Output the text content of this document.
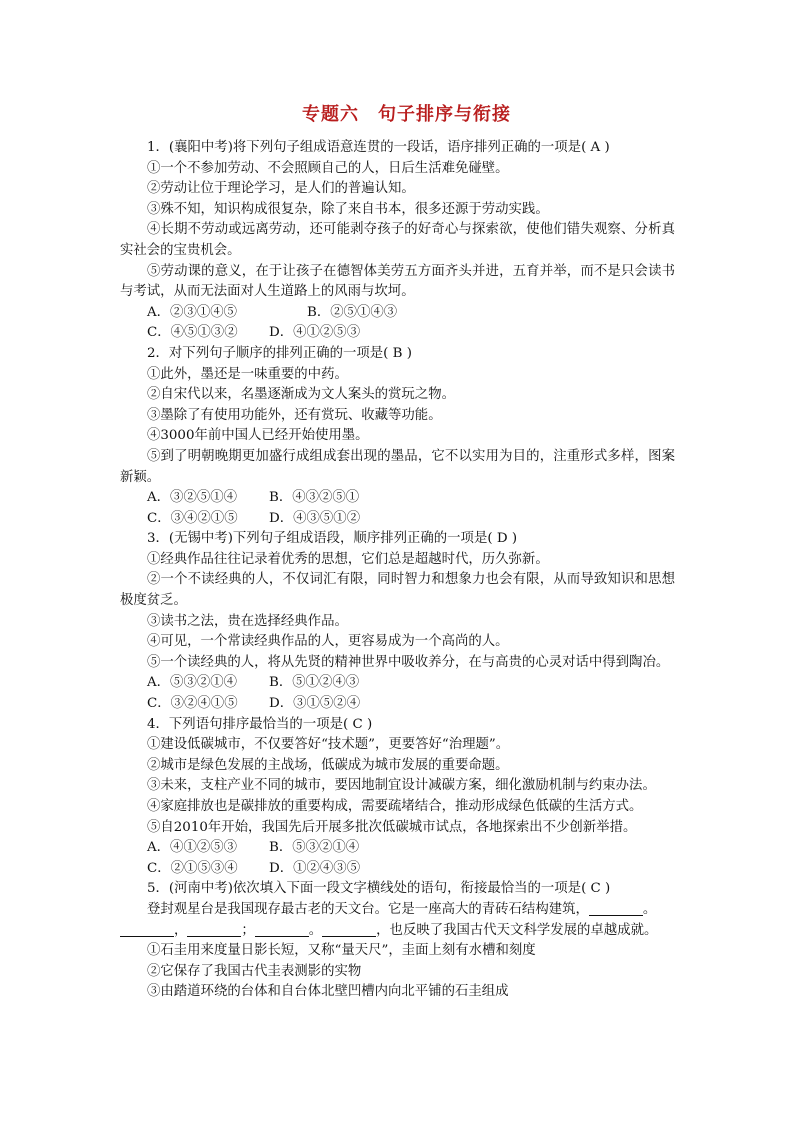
专题六　句子排序与衔接
1．(襄阳中考)将下列句子组成语意连贯的一段话，语序排列正确的一项是( A )
①一个不参加劳动、不会照顾自己的人，日后生活难免碰壁。
②劳动让位于理论学习，是人们的普遍认知。
③殊不知，知识构成很复杂，除了来自书本，很多还源于劳动实践。
④长期不劳动或远离劳动，还可能剥夺孩子的好奇心与探索欲，使他们错失观察、分析真实社会的宝贵机会。
⑤劳动课的意义，在于让孩子在德智体美劳五方面齐头并进，五育并举，而不是只会读书与考试，从而无法面对人生道路上的风雨与坎坷。
A．②③①④⑤	B．②⑤①④③
C．④⑤①③②	D．④①②⑤③
2．对下列句子顺序的排列正确的一项是( B )
①此外，墨还是一味重要的中药。
②自宋代以来，名墨逐渐成为文人案头的赏玩之物。
③墨除了有使用功能外，还有赏玩、收藏等功能。
④3000年前中国人已经开始使用墨。
⑤到了明朝晚期更加盛行成组成套出现的墨品，它不以实用为目的，注重形式多样，图案新颖。
A．③②⑤①④	B．④③②⑤①
C．③④②①⑤	D．④③⑤①②
3．(无锡中考)下列句子组成语段，顺序排列正确的一项是( D )
①经典作品往往记录着优秀的思想，它们总是超越时代，历久弥新。
②一个不读经典的人，不仅词汇有限，同时智力和想象力也会有限，从而导致知识和思想极度贫乏。
③读书之法，贵在选择经典作品。
④可见，一个常读经典作品的人，更容易成为一个高尚的人。
⑤一个读经典的人，将从先贤的精神世界中吸收养分，在与高贵的心灵对话中得到陶冶。
A．⑤③②①④	B．⑤①②④③
C．③②④①⑤	D．③①⑤②④
4．下列语句排序最恰当的一项是( C )
①建设低碳城市，不仅要答好“技术题”，更要答好“治理题”。
②城市是绿色发展的主战场，低碳成为城市发展的重要命题。
③未来，支柱产业不同的城市，要因地制宜设计减碳方案，细化激励机制与约束办法。
④家庭排放也是碳排放的重要构成，需要疏堵结合，推动形成绿色低碳的生活方式。
⑤自2010年开始，我国先后开展多批次低碳城市试点，各地探索出不少创新举措。
A．④①②⑤③	B．⑤③②①④
C．②①⑤③④	D．①②④③⑤
5．(河南中考)依次填入下面一段文字横线处的语句，衔接最恰当的一项是( C )
登封观星台是我国现存最古老的天文台。它是一座高大的青砖石结构建筑，	。
，	；	。	，也反映了我国古代天文科学发展的卓越成就。
①石圭用来度量日影长短，又称“量天尺”，圭面上刻有水槽和刻度
②它保存了我国古代圭表测影的实物
③由踏道环绕的台体和自台体北壁凹槽内向北平铺的石圭组成
